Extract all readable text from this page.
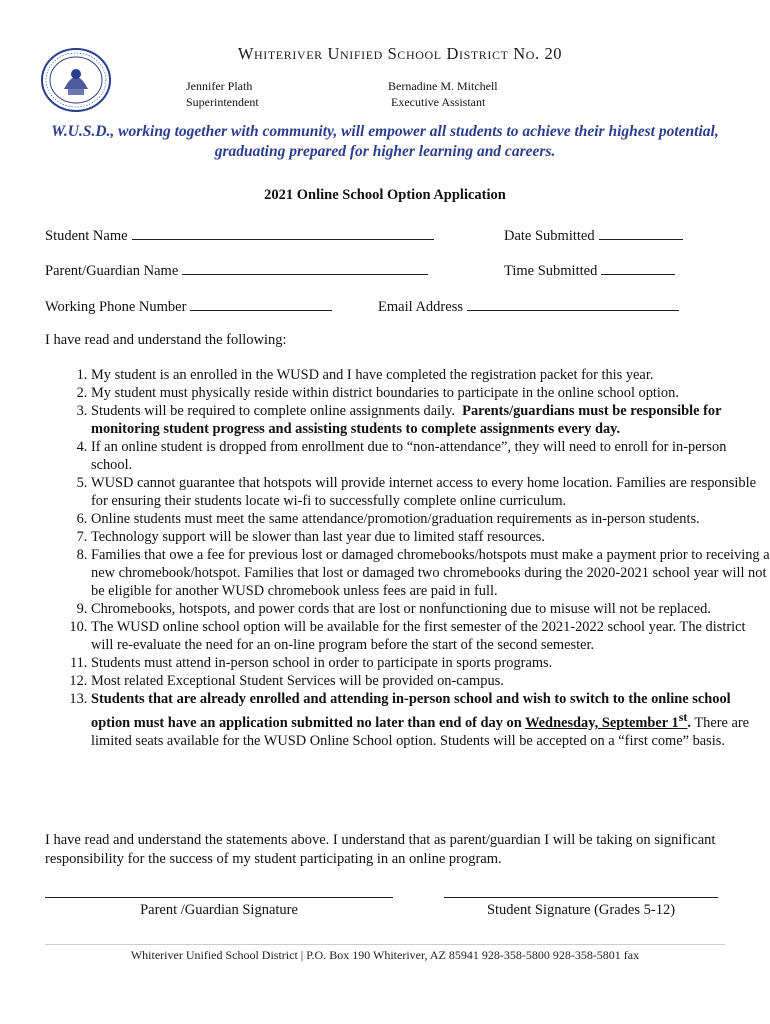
Whiteriver Unified School District No. 20
Jennifer Plath
Superintendent
Bernadine M. Mitchell
Executive Assistant
W.U.S.D., working together with community, will empower all students to achieve their highest potential,
graduating prepared for higher learning and careers.
2021 Online School Option Application
Student Name	Date Submitted
Parent/Guardian Name	Time Submitted
Working Phone Number	Email Address
I have read and understand the following:
1. My student is an enrolled in the WUSD and I have completed the registration packet for this year.
2. My student must physically reside within district boundaries to participate in the online school option.
3. Students will be required to complete online assignments daily. Parents/guardians must be responsible for monitoring student progress and assisting students to complete assignments every day.
4. If an online student is dropped from enrollment due to “non-attendance”, they will need to enroll for in-person school.
5. WUSD cannot guarantee that hotspots will provide internet access to every home location. Families are responsible for ensuring their students locate wi-fi to successfully complete online curriculum.
6. Online students must meet the same attendance/promotion/graduation requirements as in-person students.
7. Technology support will be slower than last year due to limited staff resources.
8. Families that owe a fee for previous lost or damaged chromebooks/hotspots must make a payment prior to receiving a new chromebook/hotspot. Families that lost or damaged two chromebooks during the 2020-2021 school year will not be eligible for another WUSD chromebook unless fees are paid in full.
9. Chromebooks, hotspots, and power cords that are lost or nonfunctioning due to misuse will not be replaced.
10. The WUSD online school option will be available for the first semester of the 2021-2022 school year. The district will re-evaluate the need for an on-line program before the start of the second semester.
11. Students must attend in-person school in order to participate in sports programs.
12. Most related Exceptional Student Services will be provided on-campus.
13. Students that are already enrolled and attending in-person school and wish to switch to the online school option must have an application submitted no later than end of day on Wednesday, September 1st. There are limited seats available for the WUSD Online School option. Students will be accepted on a “first come” basis.
I have read and understand the statements above. I understand that as parent/guardian I will be taking on significant responsibility for the success of my student participating in an online program.
Parent /Guardian Signature	Student Signature (Grades 5-12)
Whiteriver Unified School District | P.O. Box 190 Whiteriver, AZ 85941 928-358-5800 928-358-5801 fax
